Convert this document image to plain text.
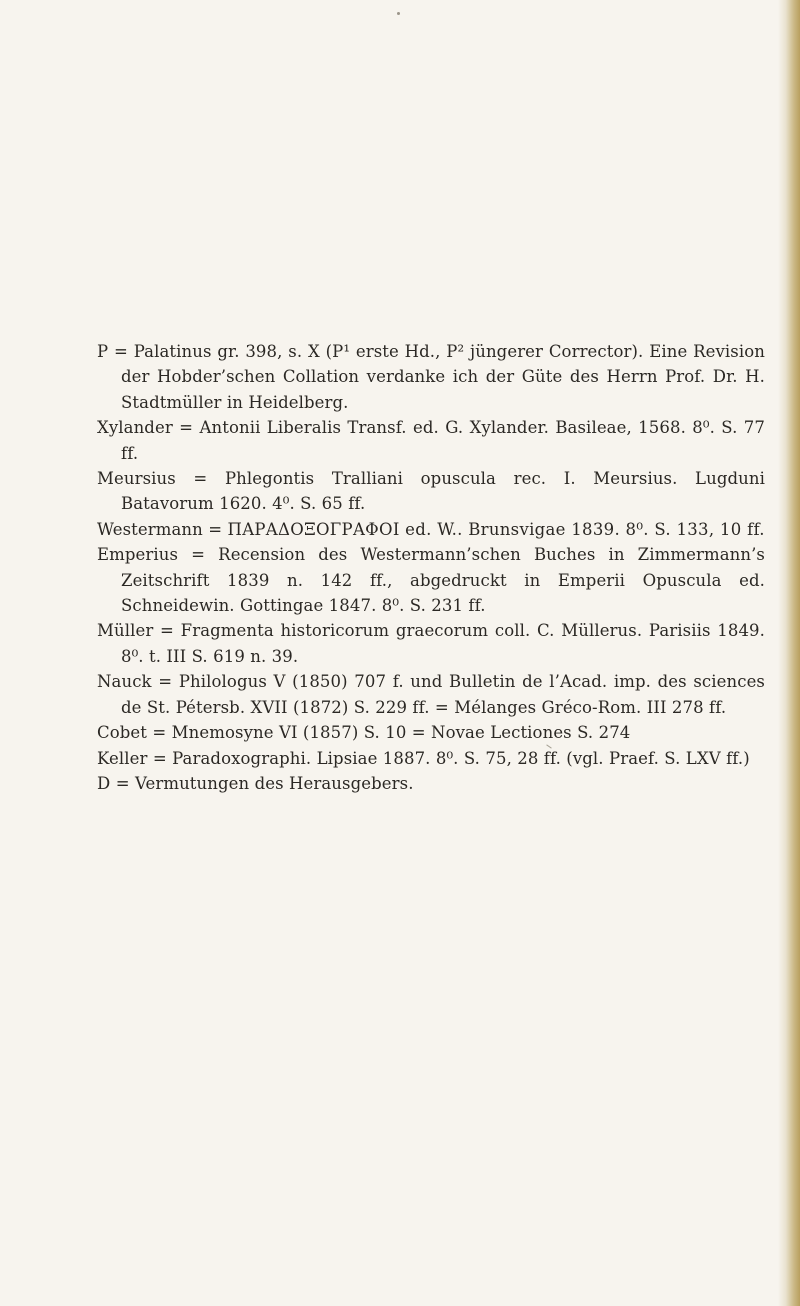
P = Palatinus gr. 398, s. X (P¹ erste Hd., P² jüngerer Corrector). Eine Revision der Hobder’schen Collation verdanke ich der Güte des Herrn Prof. Dr. H. Stadtmüller in Heidelberg.
Xylander = Antonii Liberalis Transf. ed. G. Xylander. Basileae, 1568. 8⁰. S. 77 ff.
Meursius = Phlegontis Tralliani opuscula rec. I. Meursius. Lugduni Batavorum 1620. 4⁰. S. 65 ff.
Westermann = ΠΑΡΑΔΟΞΟΓΡΑΦΟΙ ed. W.. Brunsvigae 1839. 8⁰. S. 133, 10 ff.
Emperius = Recension des Westermann’schen Buches in Zimmermann’s Zeitschrift 1839 n. 142 ff., abgedruckt in Emperii Opuscula ed. Schneidewin. Gottingae 1847. 8⁰. S. 231 ff.
Müller = Fragmenta historicorum graecorum coll. C. Müllerus. Parisiis 1849. 8⁰. t. III S. 619 n. 39.
Nauck = Philologus V (1850) 707 f. und Bulletin de l’Acad. imp. des sciences de St. Pétersb. XVII (1872) S. 229 ff. = Mélanges Gréco-Rom. III 278 ff.
Cobet = Mnemosyne VI (1857) S. 10 = Novae Lectiones S. 274
Keller = Paradoxographi. Lipsiae 1887. 8⁰. S. 75, 28 ff. (vgl. Praef. S. LXV ff.)
D = Vermutungen des Herausgebers.
